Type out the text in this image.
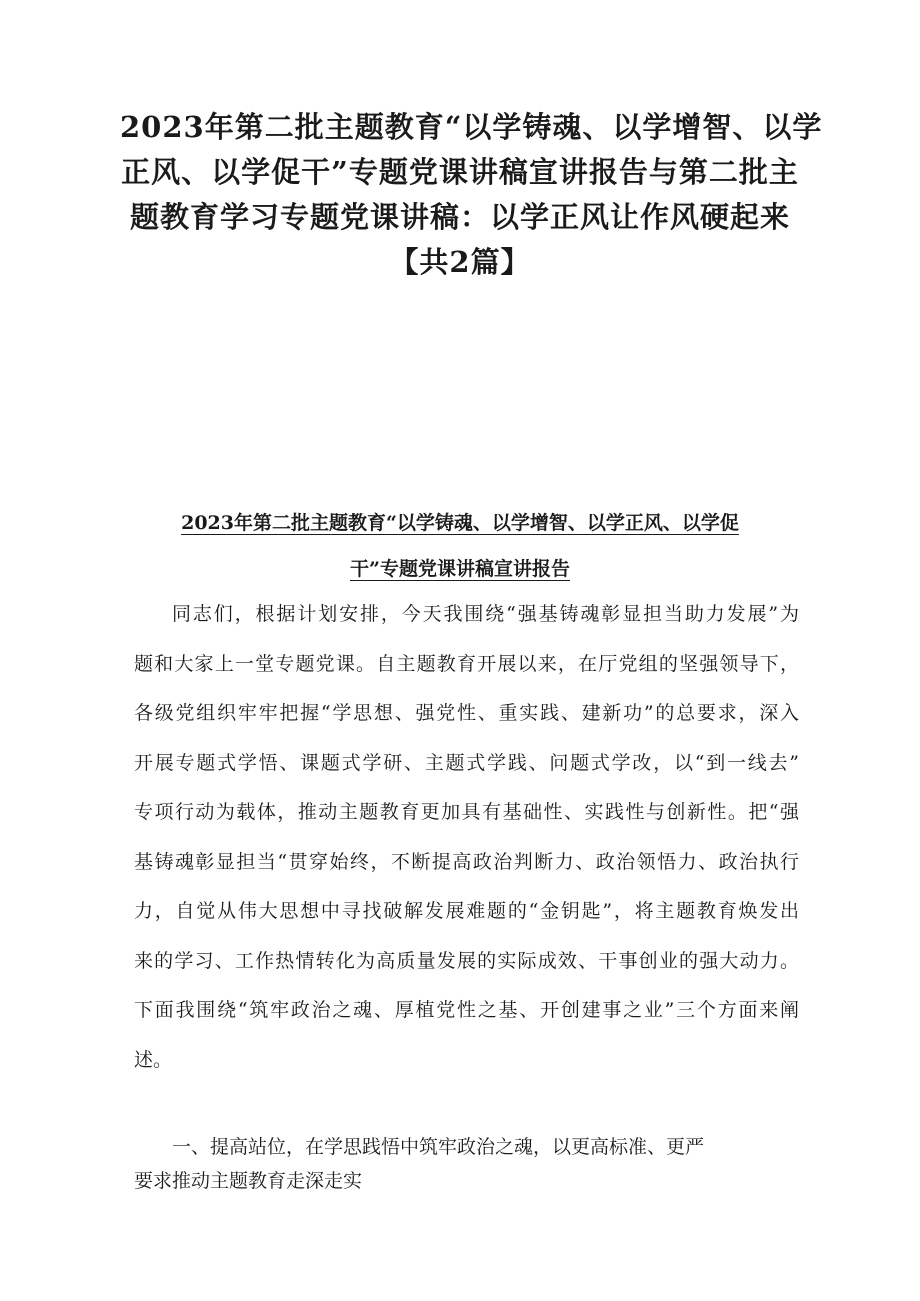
2023年第二批主题教育“以学铸魂、以学增智、以学
正风、以学促干”专题党课讲稿宣讲报告与第二批主
题教育学习专题党课讲稿：以学正风让作风硬起来
【共2篇】
2023年第二批主题教育“以学铸魂、以学增智、以学正风、以学促
干”专题党课讲稿宣讲报告
同志们，根据计划安排，今天我围绕“强基铸魂彰显担当助力发展”为
题和大家上一堂专题党课。自主题教育开展以来，在厅党组的坚强领导下，
各级党组织牢牢把握“学思想、强党性、重实践、建新功”的总要求，深入
开展专题式学悟、课题式学研、主题式学践、问题式学改，以“到一线去”
专项行动为载体，推动主题教育更加具有基础性、实践性与创新性。把“强
基铸魂彰显担当“贯穿始终，不断提高政治判断力、政治领悟力、政治执行
力，自觉从伟大思想中寻找破解发展难题的“金钥匙”，将主题教育焕发出
来的学习、工作热情转化为高质量发展的实际成效、干事创业的强大动力。
下面我围绕“筑牢政治之魂、厚植党性之基、开创建事之业”三个方面来阐
述。
一、提高站位，在学思践悟中筑牢政治之魂，以更高标准、更严
要求推动主题教育走深走实
